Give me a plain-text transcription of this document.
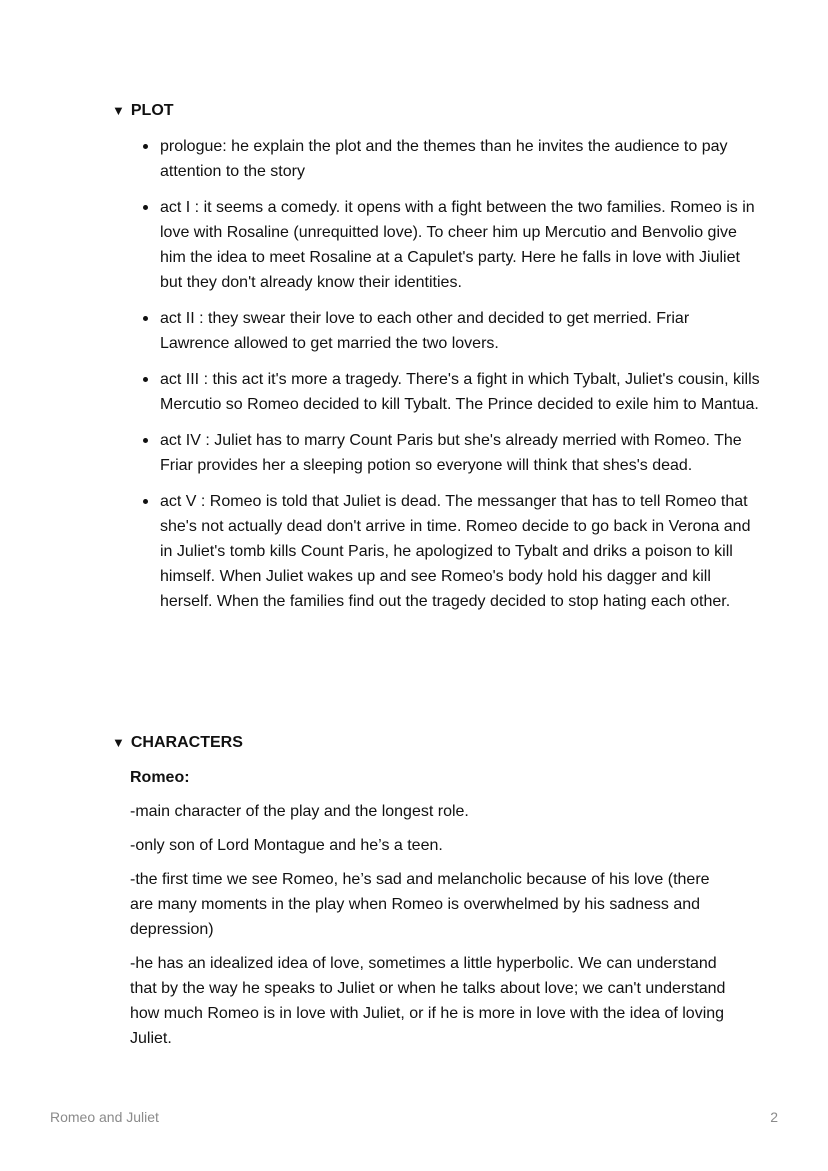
▼ PLOT
prologue: he explain the plot and the themes than he invites the audience to pay attention to the story
act I : it seems a comedy. it opens with a fight between the two families. Romeo is in love with Rosaline (unrequitted love). To cheer him up Mercutio and Benvolio give him the idea to meet Rosaline at a Capulet's party. Here he falls in love with Jiuliet but they don't already know their identities.
act II : they swear their love to each other and decided to get merried. Friar Lawrence allowed to get married the two lovers.
act III : this act it's more a tragedy. There's a fight in which Tybalt, Juliet's cousin, kills Mercutio so Romeo decided to kill Tybalt. The Prince decided to exile him to Mantua.
act IV : Juliet has to marry Count Paris but she's already merried with Romeo. The Friar provides her a sleeping potion so everyone will think that shes's dead.
act V : Romeo is told that Juliet is dead. The messanger that has to tell Romeo that she's not actually dead don't arrive in time. Romeo decide to go back in Verona and in Juliet's tomb kills Count Paris, he apologized to Tybalt and driks a poison to kill himself. When Juliet wakes up and see Romeo's body hold his dagger and kill herself. When the families find out the tragedy decided to stop hating each other.
▼ CHARACTERS
Romeo:

-main character of the play and the longest role.

-only son of Lord Montague and he’s a teen.

-the first time we see Romeo, he’s sad and melancholic because of his love (there are many moments in the play when Romeo is overwhelmed by his sadness and depression)

-he has an idealized idea of love, sometimes a little hyperbolic. We can understand that by the way he speaks to Juliet or when he talks about love; we can't understand how much Romeo is in love with Juliet, or if he is more in love with the idea of loving Juliet.

Romeo and Juliet	2
